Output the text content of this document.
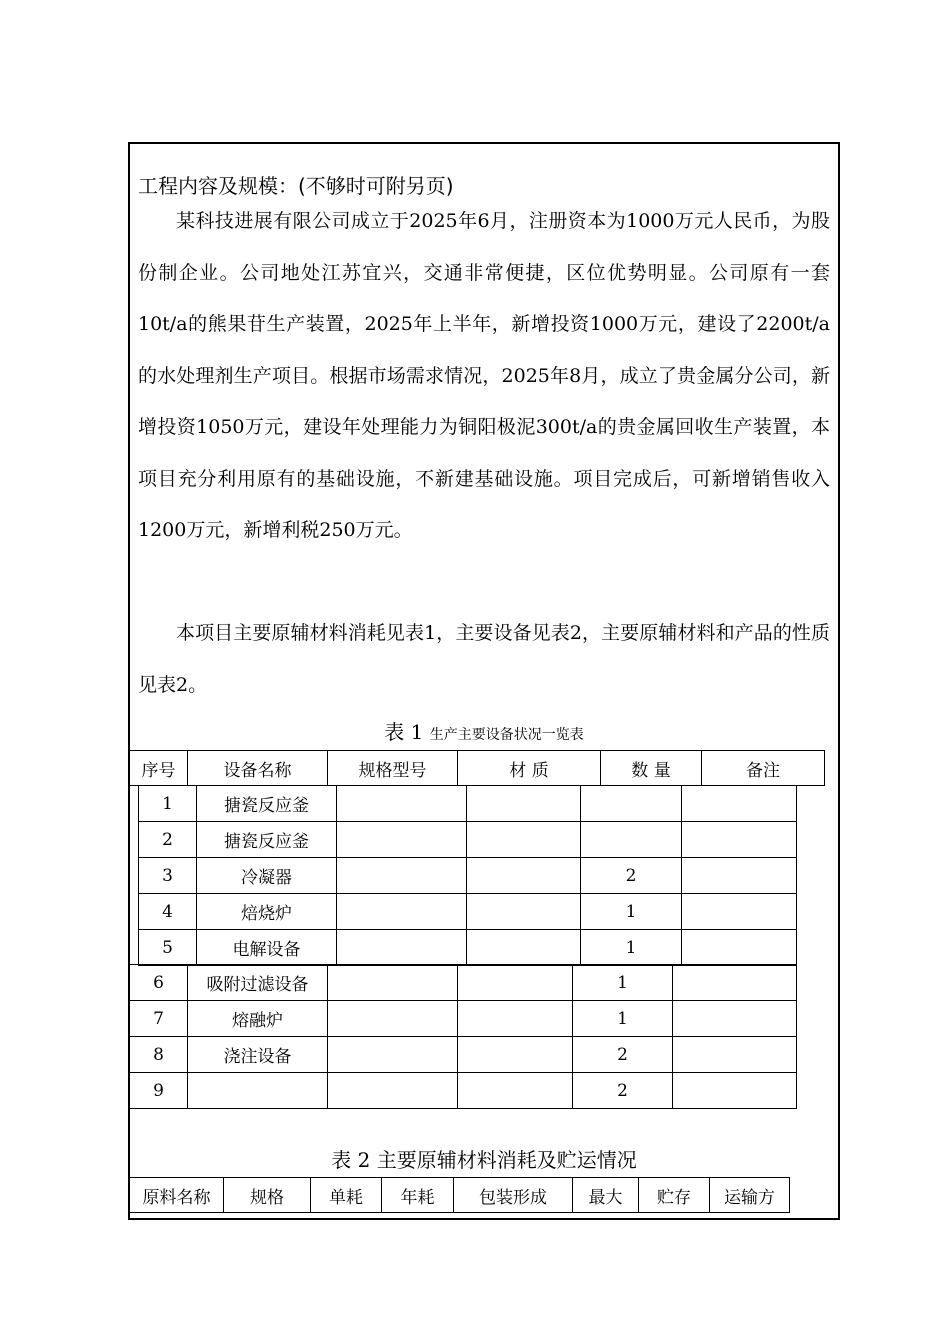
工程内容及规模：(不够时可附另页)

某科技进展有限公司成立于2025年6月，注册资本为1000万元人民币，为股份制企业。公司地处江苏宜兴，交通非常便捷，区位优势明显。公司原有一套10t/a的熊果苷生产装置，2025年上半年，新增投资1000万元，建设了2200t/a的水处理剂生产项目。根据市场需求情况，2025年8月，成立了贵金属分公司，新增投资1050万元，建设年处理能力为铜阳极泥300t/a的贵金属回收生产装置，本项目充分利用原有的基础设施，不新建基础设施。项目完成后，可新增销售收入1200万元，新增利税250万元。

本项目主要原辅材料消耗见表1，主要设备见表2，主要原辅材料和产品的性质见表2。

表 1 生产主要设备状况一览表
序号	设备名称	规格型号	材 质	数 量	备注
1	搪瓷反应釜				
2	搪瓷反应釜				
3	冷凝器			2	
4	焙烧炉			1	
5	电解设备			1	
6	吸附过滤设备			1	
7	熔融炉			1	
8	浇注设备			2	
9				2	
表 2 主要原辅材料消耗及贮运情况
原料名称	规格	单耗	年耗	包装形成	最大	贮存	运输方
